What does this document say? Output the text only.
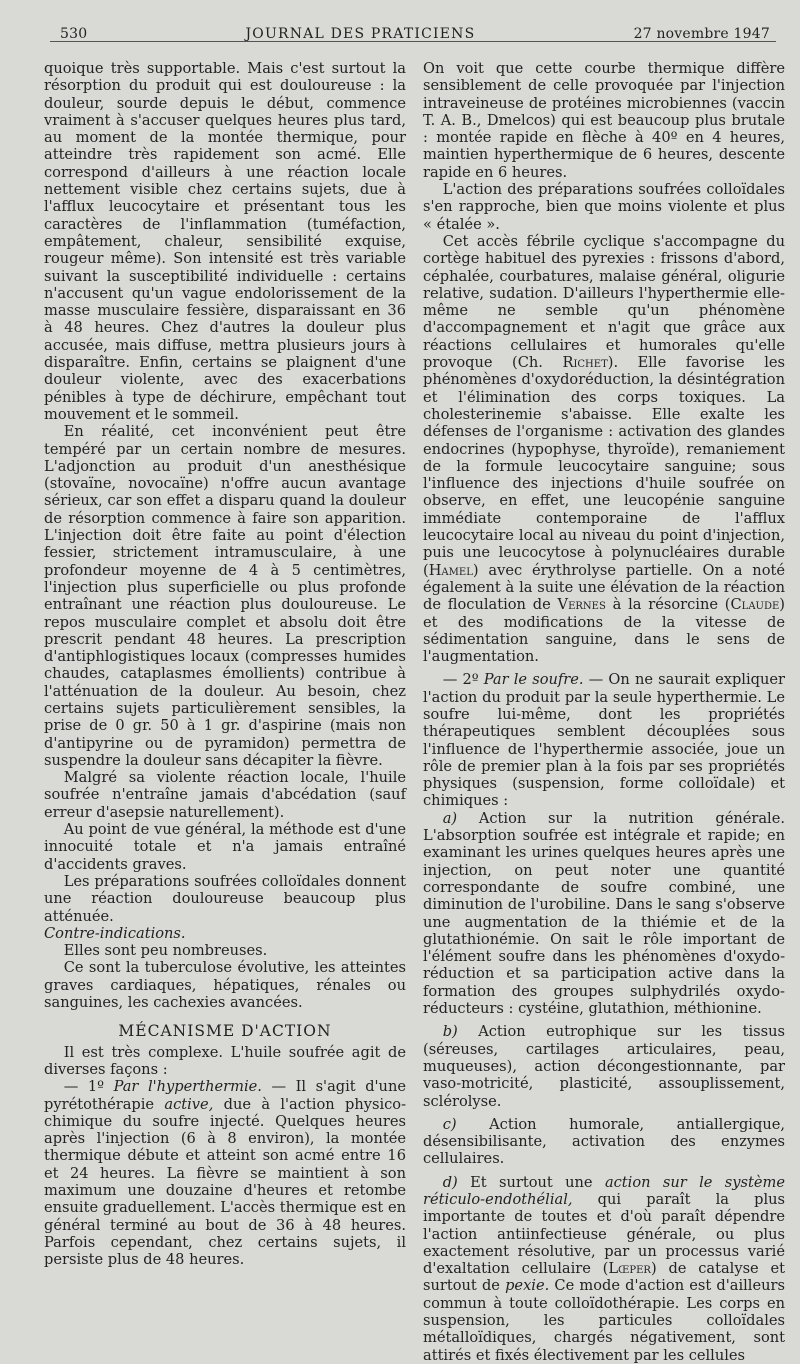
530	JOURNAL DES PRATICIENS	27 novembre 1947

quoique très supportable. Mais c'est surtout la résorption du produit qui est douloureuse : la douleur, sourde depuis le début, commence vraiment à s'accuser quelques heures plus tard, au moment de la montée thermique, pour atteindre très rapidement son acmé. Elle correspond d'ailleurs à une réaction locale nettement visible chez certains sujets, due à l'afflux leucocytaire et présentant tous les caractères de l'inflammation (tuméfaction, empâtement, chaleur, sensibilité exquise, rougeur même). Son intensité est très variable suivant la susceptibilité individuelle : certains n'accusent qu'un vague endolorissement de la masse musculaire fessière, disparaissant en 36 à 48 heures. Chez d'autres la douleur plus accusée, mais diffuse, mettra plusieurs jours à disparaître. Enfin, certains se plaignent d'une douleur violente, avec des exacerbations pénibles à type de déchirure, empêchant tout mouvement et le sommeil.

En réalité, cet inconvénient peut être tempéré par un certain nombre de mesures. L'adjonction au produit d'un anesthésique (stovaïne, novocaïne) n'offre aucun avantage sérieux, car son effet a disparu quand la douleur de résorption commence à faire son apparition. L'injection doit être faite au point d'élection fessier, strictement intramusculaire, à une profondeur moyenne de 4 à 5 centimètres, l'injection plus superficielle ou plus profonde entraînant une réaction plus douloureuse. Le repos musculaire complet et absolu doit être prescrit pendant 48 heures. La prescription d'antiphlogistiques locaux (compresses humides chaudes, cataplasmes émollients) contribue à l'atténuation de la douleur. Au besoin, chez certains sujets particulièrement sensibles, la prise de 0 gr. 50 à 1 gr. d'aspirine (mais non d'antipyrine ou de pyramidon) permettra de suspendre la douleur sans décapiter la fièvre.

Malgré sa violente réaction locale, l'huile soufrée n'entraîne jamais d'abcédation (sauf erreur d'asepsie naturellement).

Au point de vue général, la méthode est d'une innocuité totale et n'a jamais entraîné d'accidents graves.

Les préparations soufrées colloïdales donnent une réaction douloureuse beaucoup plus atténuée.

Contre-indications.

Elles sont peu nombreuses.

Ce sont la tuberculose évolutive, les atteintes graves cardiaques, hépatiques, rénales ou sanguines, les cachexies avancées.

MÉCANISME D'ACTION

Il est très complexe. L'huile soufrée agit de diverses façons :

— 1º Par l'hyperthermie. — Il s'agit d'une pyrétothérapie active, due à l'action physico-chimique du soufre injecté. Quelques heures après l'injection (6 à 8 environ), la montée thermique débute et atteint son acmé entre 16 et 24 heures. La fièvre se maintient à son maximum une douzaine d'heures et retombe ensuite graduellement. L'accès thermique est en général terminé au bout de 36 à 48 heures. Parfois cependant, chez certains sujets, il persiste plus de 48 heures.

On voit que cette courbe thermique diffère sensiblement de celle provoquée par l'injection intraveineuse de protéines microbiennes (vaccin T. A. B., Dmelcos) qui est beaucoup plus brutale : montée rapide en flèche à 40º en 4 heures, maintien hyperthermique de 6 heures, descente rapide en 6 heures.

L'action des préparations soufrées colloïdales s'en rapproche, bien que moins violente et plus « étalée ».

Cet accès fébrile cyclique s'accompagne du cortège habituel des pyrexies : frissons d'abord, céphalée, courbatures, malaise général, oligurie relative, sudation. D'ailleurs l'hyperthermie elle-même ne semble qu'un phénomène d'accompagnement et n'agit que grâce aux réactions cellulaires et humorales qu'elle provoque (Ch. Richet). Elle favorise les phénomènes d'oxydoréduction, la désintégration et l'élimination des corps toxiques. La cholesterinemie s'abaisse. Elle exalte les défenses de l'organisme : activation des glandes endocrines (hypophyse, thyroïde), remaniement de la formule leucocytaire sanguine; sous l'influence des injections d'huile soufrée on observe, en effet, une leucopénie sanguine immédiate contemporaine de l'afflux leucocytaire local au niveau du point d'injection, puis une leucocytose à polynucléaires durable (Hamel) avec érythrolyse partielle. On a noté également à la suite une élévation de la réaction de floculation de Vernes à la résorcine (Claude) et des modifications de la vitesse de sédimentation sanguine, dans le sens de l'augmentation.

— 2º Par le soufre. — On ne saurait expliquer l'action du produit par la seule hyperthermie. Le soufre lui-même, dont les propriétés thérapeutiques semblent découplées sous l'influence de l'hyperthermie associée, joue un rôle de premier plan à la fois par ses propriétés physiques (suspension, forme colloïdale) et chimiques :

a) Action sur la nutrition générale. L'absorption soufrée est intégrale et rapide; en examinant les urines quelques heures après une injection, on peut noter une quantité correspondante de soufre combiné, une diminution de l'urobiline. Dans le sang s'observe une augmentation de la thiémie et de la glutathionémie. On sait le rôle important de l'élément soufre dans les phénomènes d'oxydo-réduction et sa participation active dans la formation des groupes sulphydrilés oxydo-réducteurs : cystéine, glutathion, méthionine.

b) Action eutrophique sur les tissus (séreuses, cartilages articulaires, peau, muqueuses), action décongestionnante, par vaso-motricité, plasticité, assouplissement, sclérolyse.

c) Action humorale, antiallergique, désensibilisante, activation des enzymes cellulaires.

d) Et surtout une action sur le système réticulo-endothélial, qui paraît la plus importante de toutes et d'où paraît dépendre l'action antiinfectieuse générale, ou plus exactement résolutive, par un processus varié d'exaltation cellulaire (Lœper) de catalyse et surtout de pexie. Ce mode d'action est d'ailleurs commun à toute colloïdothérapie. Les corps en suspension, les particules colloïdales métalloïdiques, chargés négativement, sont attirés et fixés électivement par les cellules
